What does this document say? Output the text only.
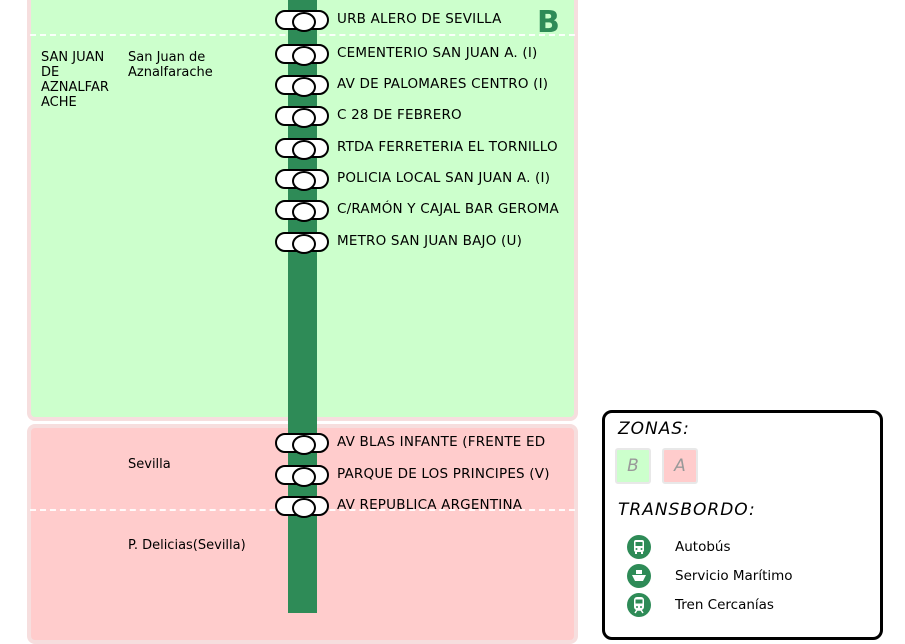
B
SAN JUAN DE AZNALFAR ACHE
San Juan de Aznalfarache
Sevilla
P. Delicias(Sevilla)
URB ALERO DE SEVILLA
CEMENTERIO SAN JUAN A. (I)
AV DE PALOMARES CENTRO (I)
C 28 DE FEBRERO
RTDA FERRETERIA EL TORNILLO
POLICIA LOCAL SAN JUAN A. (I)
C/RAMÓN Y CAJAL BAR GEROMA
METRO SAN JUAN BAJO (U)
AV BLAS INFANTE (FRENTE ED
PARQUE DE LOS PRINCIPES (V)
AV REPUBLICA ARGENTINA
ZONAS:
B	A
TRANSBORDO:
Autobús
Servicio Marítimo
Tren Cercanías
